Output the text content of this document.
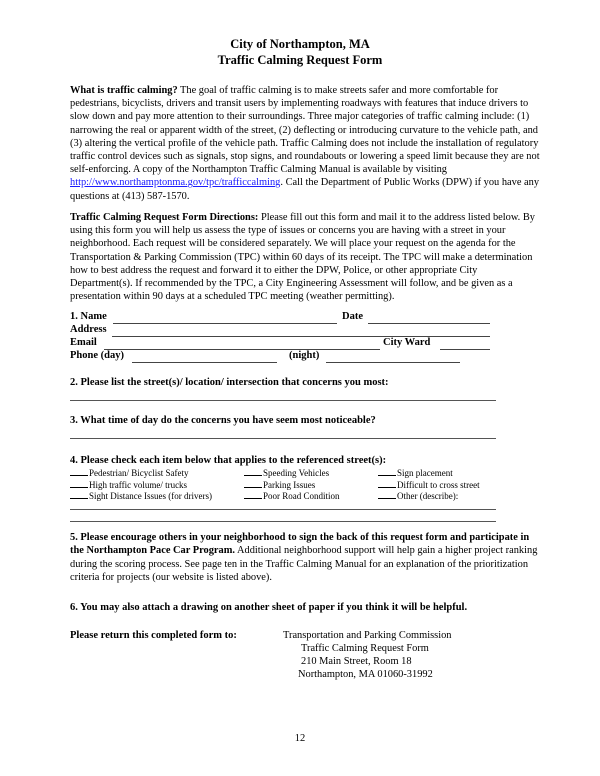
City of Northampton, MA
Traffic Calming Request Form
What is traffic calming? The goal of traffic calming is to make streets safer and more comfortable for pedestrians, bicyclists, drivers and transit users by implementing roadways with features that induce drivers to slow down and pay more attention to their surroundings. Three major categories of traffic calming include: (1) narrowing the real or apparent width of the street, (2) deflecting or introducing curvature to the vehicle path, and (3) altering the vertical profile of the vehicle path. Traffic Calming does not include the installation of regulatory traffic control devices such as signals, stop signs, and roundabouts or lowering a speed limit because they are not self-enforcing. A copy of the Northampton Traffic Calming Manual is available by visiting http://www.northamptonma.gov/tpc/trafficcalming. Call the Department of Public Works (DPW) if you have any questions at (413) 587-1570.
Traffic Calming Request Form Directions: Please fill out this form and mail it to the address listed below. By using this form you will help us assess the type of issues or concerns you are having with a street in your neighborhood. Each request will be considered separately. We will place your request on the agenda for the Transportation & Parking Commission (TPC) within 60 days of its receipt. The TPC will make a determination how to best address the request and forward it to either the DPW, Police, or other appropriate City Department(s). If recommended by the TPC, a City Engineering Assessment will follow, and be given as a presentation within 90 days at a scheduled TPC meeting (weather permitting).
1. Name	Date
Address
Email	City Ward
Phone (day)	(night)
2. Please list the street(s)/ location/ intersection that concerns you most:
3. What time of day do the concerns you have seem most noticeable?
4. Please check each item below that applies to the referenced street(s):
Pedestrian/ Bicyclist Safety	Speeding Vehicles	Sign placement
High traffic volume/ trucks	Parking Issues	Difficult to cross street
Sight Distance Issues (for drivers)	Poor Road Condition	Other (describe):
5. Please encourage others in your neighborhood to sign the back of this request form and participate in the Northampton Pace Car Program. Additional neighborhood support will help gain a higher project ranking during the scoring process. See page ten in the Traffic Calming Manual for an explanation of the prioritization criteria for projects (our website is listed above).
6. You may also attach a drawing on another sheet of paper if you think it will be helpful.
Please return this completed form to:	Transportation and Parking Commission
Traffic Calming Request Form
210 Main Street, Room 18
Northampton, MA 01060-31992
12
